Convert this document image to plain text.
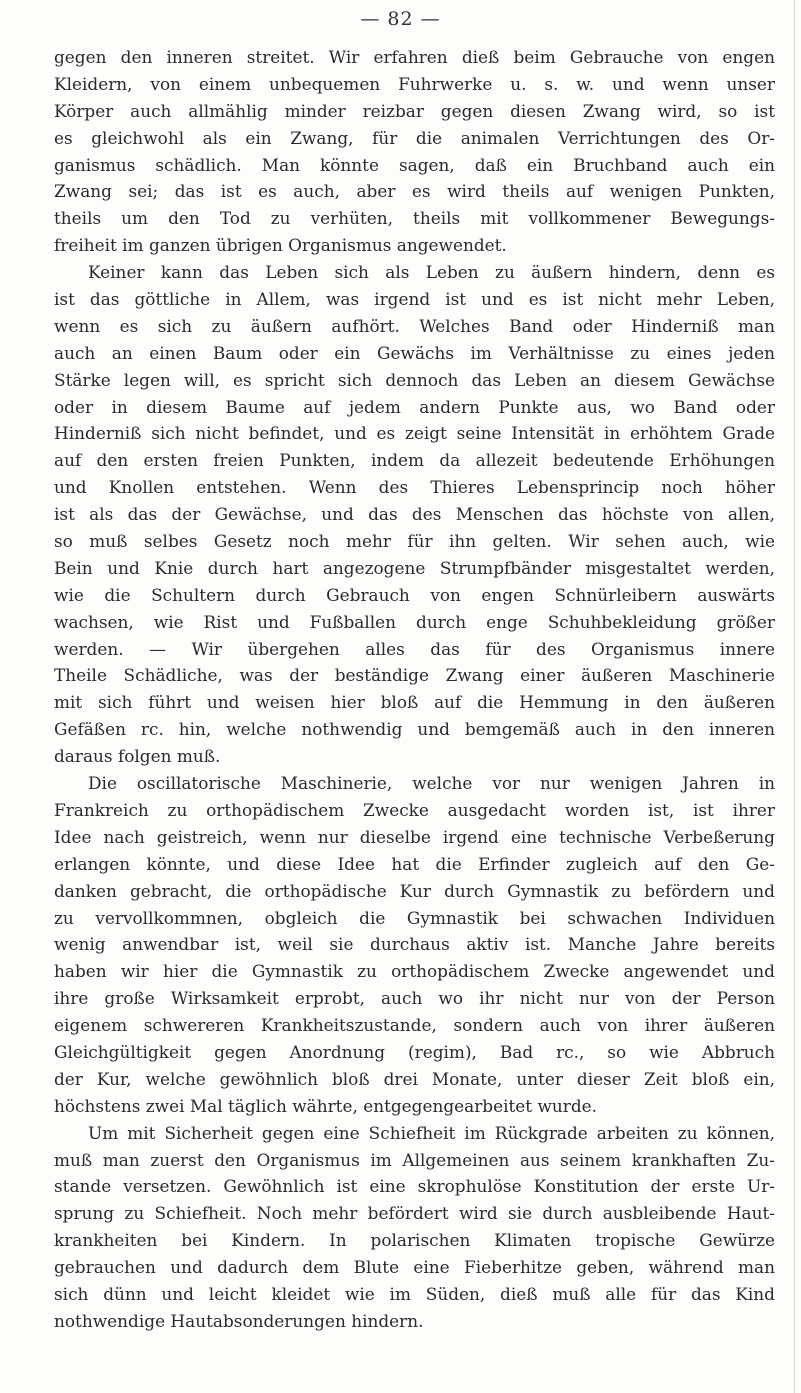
— 82 —
gegen den inneren streitet. Wir erfahren dieß beim Gebrauche von engen
Kleidern, von einem unbequemen Fuhrwerke u. s. w. und wenn unser
Körper auch allmählig minder reizbar gegen diesen Zwang wird, so ist
es gleichwohl als ein Zwang, für die animalen Verrichtungen des Or-
ganismus schädlich. Man könnte sagen, daß ein Bruchband auch ein
Zwang sei; das ist es auch, aber es wird theils auf wenigen Punkten,
theils um den Tod zu verhüten, theils mit vollkommener Bewegungs-
freiheit im ganzen übrigen Organismus angewendet.
Keiner kann das Leben sich als Leben zu äußern hindern, denn es
ist das göttliche in Allem, was irgend ist und es ist nicht mehr Leben,
wenn es sich zu äußern aufhört. Welches Band oder Hinderniß man
auch an einen Baum oder ein Gewächs im Verhältnisse zu eines jeden
Stärke legen will, es spricht sich dennoch das Leben an diesem Gewächse
oder in diesem Baume auf jedem andern Punkte aus, wo Band oder
Hinderniß sich nicht befindet, und es zeigt seine Intensität in erhöhtem Grade
auf den ersten freien Punkten, indem da allezeit bedeutende Erhöhungen
und Knollen entstehen. Wenn des Thieres Lebensprincip noch höher
ist als das der Gewächse, und das des Menschen das höchste von allen,
so muß selbes Gesetz noch mehr für ihn gelten. Wir sehen auch, wie
Bein und Knie durch hart angezogene Strumpfbänder misgestaltet werden,
wie die Schultern durch Gebrauch von engen Schnürleibern auswärts
wachsen, wie Rist und Fußballen durch enge Schuhbekleidung größer
werden. — Wir übergehen alles das für des Organismus innere
Theile Schädliche, was der beständige Zwang einer äußeren Maschinerie
mit sich führt und weisen hier bloß auf die Hemmung in den äußeren
Gefäßen rc. hin, welche nothwendig und bemgemäß auch in den inneren
daraus folgen muß.
Die oscillatorische Maschinerie, welche vor nur wenigen Jahren in
Frankreich zu orthopädischem Zwecke ausgedacht worden ist, ist ihrer
Idee nach geistreich, wenn nur dieselbe irgend eine technische Verbeßerung
erlangen könnte, und diese Idee hat die Erfinder zugleich auf den Ge-
danken gebracht, die orthopädische Kur durch Gymnastik zu befördern und
zu vervollkommnen, obgleich die Gymnastik bei schwachen Individuen
wenig anwendbar ist, weil sie durchaus aktiv ist. Manche Jahre bereits
haben wir hier die Gymnastik zu orthopädischem Zwecke angewendet und
ihre große Wirksamkeit erprobt, auch wo ihr nicht nur von der Person
eigenem schwereren Krankheitszustande, sondern auch von ihrer äußeren
Gleichgültigkeit gegen Anordnung (regim), Bad rc., so wie Abbruch
der Kur, welche gewöhnlich bloß drei Monate, unter dieser Zeit bloß ein,
höchstens zwei Mal täglich währte, entgegengearbeitet wurde.
Um mit Sicherheit gegen eine Schiefheit im Rückgrade arbeiten zu können,
muß man zuerst den Organismus im Allgemeinen aus seinem krankhaften Zu-
stande versetzen. Gewöhnlich ist eine skrophulöse Konstitution der erste Ur-
sprung zu Schiefheit. Noch mehr befördert wird sie durch ausbleibende Haut-
krankheiten bei Kindern. In polarischen Klimaten tropische Gewürze
gebrauchen und dadurch dem Blute eine Fieberhitze geben, während man
sich dünn und leicht kleidet wie im Süden, dieß muß alle für das Kind
nothwendige Hautabsonderungen hindern.
